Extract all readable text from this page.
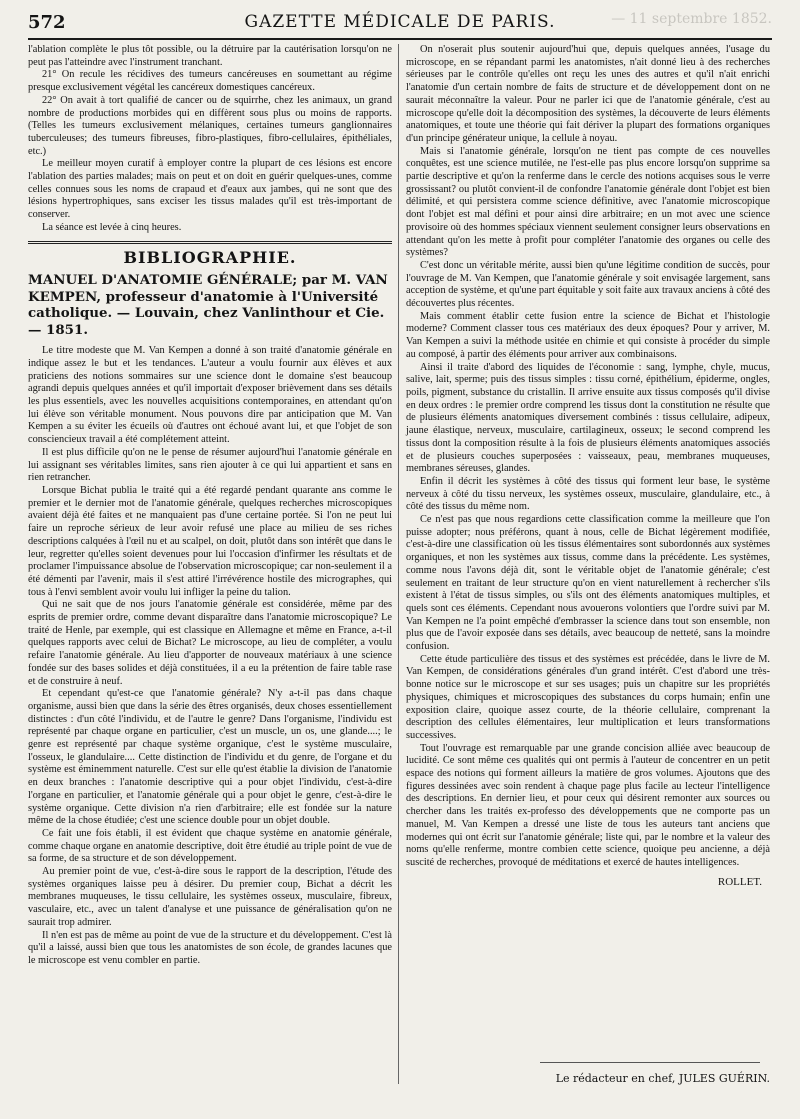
572	GAZETTE MÉDICALE DE PARIS.	— 11 septembre 1852.

l'ablation complète le plus tôt possible, ou la détruire par la cautérisation lorsqu'on ne peut pas l'atteindre avec l'instrument tranchant.

21° On recule les récidives des tumeurs cancéreuses en soumettant au régime presque exclusivement végétal les cancéreux domestiques cancéreux.

22° On avait à tort qualifié de cancer ou de squirrhe, chez les animaux, un grand nombre de productions morbides qui en diffèrent sous plus ou moins de rapports. (Telles les tumeurs exclusivement mélaniques, certaines tumeurs ganglionnaires tuberculeuses; des tumeurs fibreuses, fibro-plastiques, fibro-cellulaires, épithéliales, etc.)

Le meilleur moyen curatif à employer contre la plupart de ces lésions est encore l'ablation des parties malades; mais on peut et on doit en guérir quelques-unes, comme celles connues sous les noms de crapaud et d'eaux aux jambes, qui ne sont que des lésions hypertrophiques, sans exciser les tissus malades qu'il est très-important de conserver.

La séance est levée à cinq heures.

BIBLIOGRAPHIE.
MANUEL D'ANATOMIE GÉNÉRALE; par M. VAN KEMPEN, professeur d'anatomie à l'Université catholique. — Louvain, chez Vanlinthour et Cie. — 1851.

Le titre modeste que M. Van Kempen a donné à son traité d'anatomie générale en indique assez le but et les tendances. L'auteur a voulu fournir aux élèves et aux praticiens des notions sommaires sur une science dont le domaine s'est beaucoup agrandi depuis quelques années et qu'il importait d'exposer brièvement dans ses détails les plus essentiels, avec les nouvelles acquisitions contemporaines, en attendant qu'on lui élève son véritable monument. Nous pouvons dire par anticipation que M. Van Kempen a su éviter les écueils où d'autres ont échoué avant lui, et que l'objet de son consciencieux travail a été complétement atteint.

Il est plus difficile qu'on ne le pense de résumer aujourd'hui l'anatomie générale en lui assignant ses véritables limites, sans rien ajouter à ce qui lui appartient et sans en rien retrancher.

Lorsque Bichat publia le traité qui a été regardé pendant quarante ans comme le premier et le dernier mot de l'anatomie générale, quelques recherches microscopiques avaient déjà été faites et ne manquaient pas d'une certaine portée. Si l'on ne peut lui faire un reproche sérieux de leur avoir refusé une place au milieu de ses riches descriptions calquées à l'œil nu et au scalpel, on doit, plutôt dans son intérêt que dans le leur, regretter qu'elles soient devenues pour lui l'occasion d'infirmer les résultats et de proclamer l'impuissance absolue de l'observation microscopique; car non-seulement il a été démenti par l'avenir, mais il s'est attiré l'irrévérence hostile des micrographes, qui tous à l'envi semblent avoir voulu lui infliger la peine du talion.

Qui ne sait que de nos jours l'anatomie générale est considérée, même par des esprits de premier ordre, comme devant disparaître dans l'anatomie microscopique? Le traité de Henle, par exemple, qui est classique en Allemagne et même en France, a-t-il quelques rapports avec celui de Bichat? Le microscope, au lieu de compléter, a voulu refaire l'anatomie générale. Au lieu d'apporter de nouveaux matériaux à une science fondée sur des bases solides et déjà constituées, il a eu la prétention de faire table rase et de construire à neuf.

Et cependant qu'est-ce que l'anatomie générale? N'y a-t-il pas dans chaque organisme, aussi bien que dans la série des êtres organisés, deux choses essentiellement distinctes : d'un côté l'individu, et de l'autre le genre? Dans l'organisme, l'individu est représenté par chaque organe en particulier, c'est un muscle, un os, une glande....; le genre est représenté par chaque système organique, c'est le système musculaire, l'osseux, le glandulaire.... Cette distinction de l'individu et du genre, de l'organe et du système est éminemment naturelle. C'est sur elle qu'est établie la division de l'anatomie en deux branches : l'anatomie descriptive qui a pour objet l'individu, c'est-à-dire l'organe en particulier, et l'anatomie générale qui a pour objet le genre, c'est-à-dire le système organique. Cette division n'a rien d'arbitraire; elle est fondée sur la nature même de la chose étudiée; c'est une science double pour un objet double.

Ce fait une fois établi, il est évident que chaque système en anatomie générale, comme chaque organe en anatomie descriptive, doit être étudié au triple point de vue de sa forme, de sa structure et de son développement.

Au premier point de vue, c'est-à-dire sous le rapport de la description, l'étude des systèmes organiques laisse peu à désirer. Du premier coup, Bichat a décrit les membranes muqueuses, le tissu cellulaire, les systèmes osseux, musculaire, fibreux, vasculaire, etc., avec un talent d'analyse et une puissance de généralisation qu'on ne saurait trop admirer.

Il n'en est pas de même au point de vue de la structure et du développement. C'est là qu'il a laissé, aussi bien que tous les anatomistes de son école, de grandes lacunes que le microscope est venu combler en partie.

On n'oserait plus soutenir aujourd'hui que, depuis quelques années, l'usage du microscope, en se répandant parmi les anatomistes, n'ait donné lieu à des recherches sérieuses par le contrôle qu'elles ont reçu les unes des autres et qu'il n'ait enrichi l'anatomie d'un certain nombre de faits de structure et de développement dont on ne saurait méconnaître la valeur. Pour ne parler ici que de l'anatomie générale, c'est au microscope qu'elle doit la décomposition des systèmes, la découverte de leurs éléments anatomiques, et toute une théorie qui fait dériver la plupart des formations organiques d'un principe générateur unique, la cellule à noyau.

Mais si l'anatomie générale, lorsqu'on ne tient pas compte de ces nouvelles conquêtes, est une science mutilée, ne l'est-elle pas plus encore lorsqu'on supprime sa partie descriptive et qu'on la renferme dans le cercle des notions acquises sous le verre grossissant? ou plutôt convient-il de confondre l'anatomie générale dont l'objet est bien délimité, et qui persistera comme science définitive, avec l'anatomie microscopique dont l'objet est mal défini et pour ainsi dire arbitraire; en un mot avec une science provisoire où des hommes spéciaux viennent seulement consigner leurs observations en attendant qu'on les mette à profit pour compléter l'anatomie des organes ou celle des systèmes?

C'est donc un véritable mérite, aussi bien qu'une légitime condition de succès, pour l'ouvrage de M. Van Kempen, que l'anatomie générale y soit envisagée largement, sans acception de système, et qu'une part équitable y soit faite aux travaux anciens à côté des découvertes plus récentes.

Mais comment établir cette fusion entre la science de Bichat et l'histologie moderne? Comment classer tous ces matériaux des deux époques? Pour y arriver, M. Van Kempen a suivi la méthode usitée en chimie et qui consiste à procéder du simple au composé, à partir des éléments pour arriver aux combinaisons.

Ainsi il traite d'abord des liquides de l'économie : sang, lymphe, chyle, mucus, salive, lait, sperme; puis des tissus simples : tissu corné, épithélium, épiderme, ongles, poils, pigment, substance du cristallin. Il arrive ensuite aux tissus composés qu'il divise en deux ordres : le premier ordre comprend les tissus dont la constitution ne résulte que de plusieurs éléments anatomiques diversement combinés : tissus cellulaire, adipeux, jaune élastique, nerveux, musculaire, cartilagineux, osseux; le second comprend les tissus dont la composition résulte à la fois de plusieurs éléments anatomiques associés et de plusieurs couches superposées : vaisseaux, peau, membranes muqueuses, membranes séreuses, glandes.

Enfin il décrit les systèmes à côté des tissus qui forment leur base, le système nerveux à côté du tissu nerveux, les systèmes osseux, musculaire, glandulaire, etc., à côté des tissus du même nom.

Ce n'est pas que nous regardions cette classification comme la meilleure que l'on puisse adopter; nous préférons, quant à nous, celle de Bichat légèrement modifiée, c'est-à-dire une classification où les tissus élémentaires sont subordonnés aux systèmes organiques, et non les systèmes aux tissus, comme dans la précédente. Les systèmes, comme nous l'avons déjà dit, sont le véritable objet de l'anatomie générale; c'est seulement en traitant de leur structure qu'on en vient naturellement à rechercher s'ils existent à l'état de tissus simples, ou s'ils ont des éléments anatomiques multiples, et quels sont ces éléments. Cependant nous avouerons volontiers que l'ordre suivi par M. Van Kempen ne l'a point empêché d'embrasser la science dans tout son ensemble, non plus que de l'avoir exposée dans ses détails, avec beaucoup de netteté, sans la moindre confusion.

Cette étude particulière des tissus et des systèmes est précédée, dans le livre de M. Van Kempen, de considérations générales d'un grand intérêt. C'est d'abord une très-bonne notice sur le microscope et sur ses usages; puis un chapitre sur les propriétés physiques, chimiques et microscopiques des substances du corps humain; enfin une exposition claire, quoique assez courte, de la théorie cellulaire, comprenant la description des cellules élémentaires, leur multiplication et leurs transformations successives.

Tout l'ouvrage est remarquable par une grande concision alliée avec beaucoup de lucidité. Ce sont même ces qualités qui ont permis à l'auteur de concentrer en un petit espace des notions qui forment ailleurs la matière de gros volumes. Ajoutons que des figures dessinées avec soin rendent à chaque page plus facile au lecteur l'intelligence des descriptions. En dernier lieu, et pour ceux qui désirent remonter aux sources ou chercher dans les traités ex-professo des développements que ne comporte pas un manuel, M. Van Kempen a dressé une liste de tous les auteurs tant anciens que modernes qui ont écrit sur l'anatomie générale; liste qui, par le nombre et la valeur des noms qu'elle renferme, montre combien cette science, quoique peu ancienne, a déjà suscité de recherches, provoqué de méditations et exercé de hautes intelligences.

ROLLET.
Le rédacteur en chef, JULES GUÉRIN.
